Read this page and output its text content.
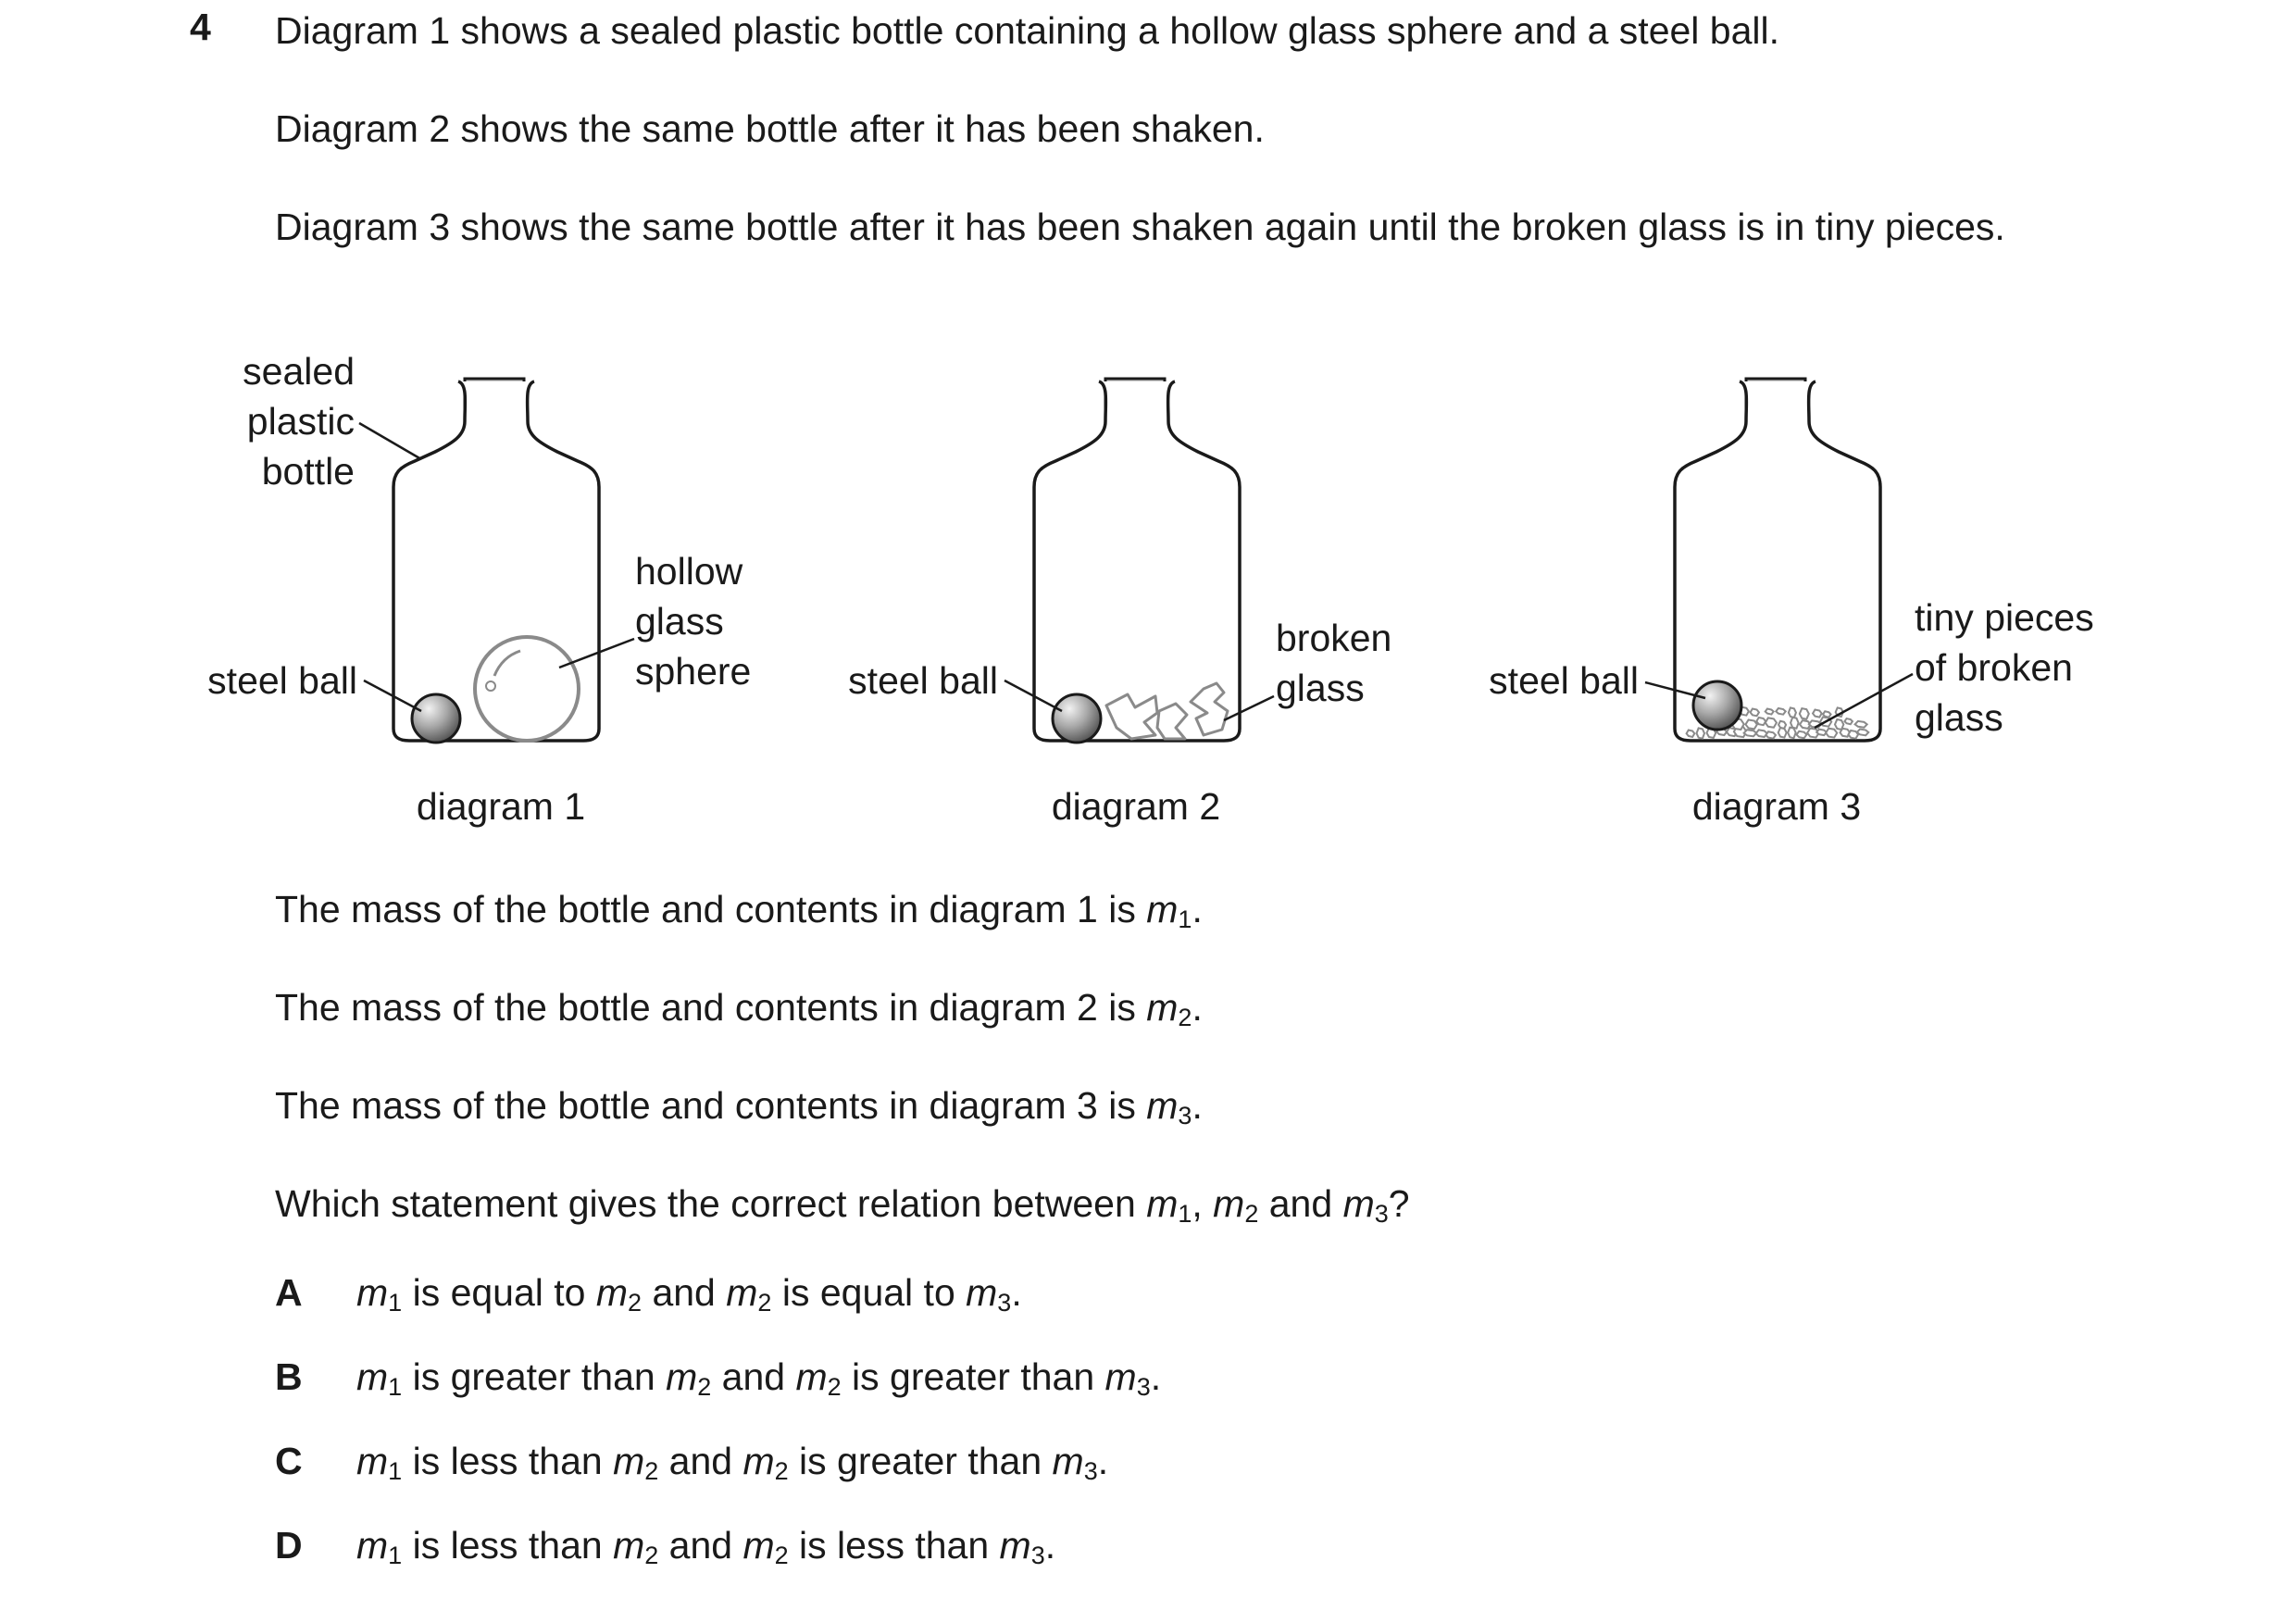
4 Diagram 1 shows a sealed plastic bottle containing a hollow glass sphere and a steel ball.
Diagram 2 shows the same bottle after it has been shaken.
Diagram 3 shows the same bottle after it has been shaken again until the broken glass is in tiny pieces.
sealed
plastic
bottle
steel ball
hollow
glass
sphere
diagram 1
steel ball
broken
glass
diagram 2
steel ball
tiny pieces
of broken
glass
diagram 3
The mass of the bottle and contents in diagram 1 is $m_1$.
The mass of the bottle and contents in diagram 2 is $m_2$.
The mass of the bottle and contents in diagram 3 is $m_3$.
Which statement gives the correct relation between $m_1$, $m_2$ and $m_3$?
A $m_1$ is equal to $m_2$ and $m_2$ is equal to $m_3$.
B $m_1$ is greater than $m_2$ and $m_2$ is greater than $m_3$.
C $m_1$ is less than $m_2$ and $m_2$ is greater than $m_3$.
D $m_1$ is less than $m_2$ and $m_2$ is less than $m_3$.
